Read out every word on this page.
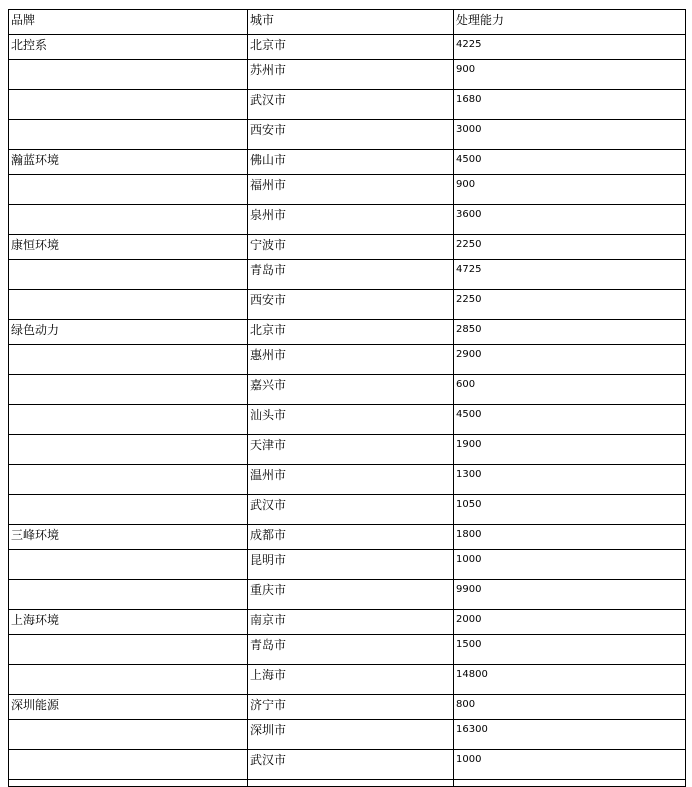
品牌	城市	处理能力
北控系	北京市	4225
	苏州市	900
	武汉市	1680
	西安市	3000
瀚蓝环境	佛山市	4500
	福州市	900
	泉州市	3600
康恒环境	宁波市	2250
	青岛市	4725
	西安市	2250
绿色动力	北京市	2850
	惠州市	2900
	嘉兴市	600
	汕头市	4500
	天津市	1900
	温州市	1300
	武汉市	1050
三峰环境	成都市	1800
	昆明市	1000
	重庆市	9900
上海环境	南京市	2000
	青岛市	1500
	上海市	14800
深圳能源	济宁市	800
	深圳市	16300
	武汉市	1000
